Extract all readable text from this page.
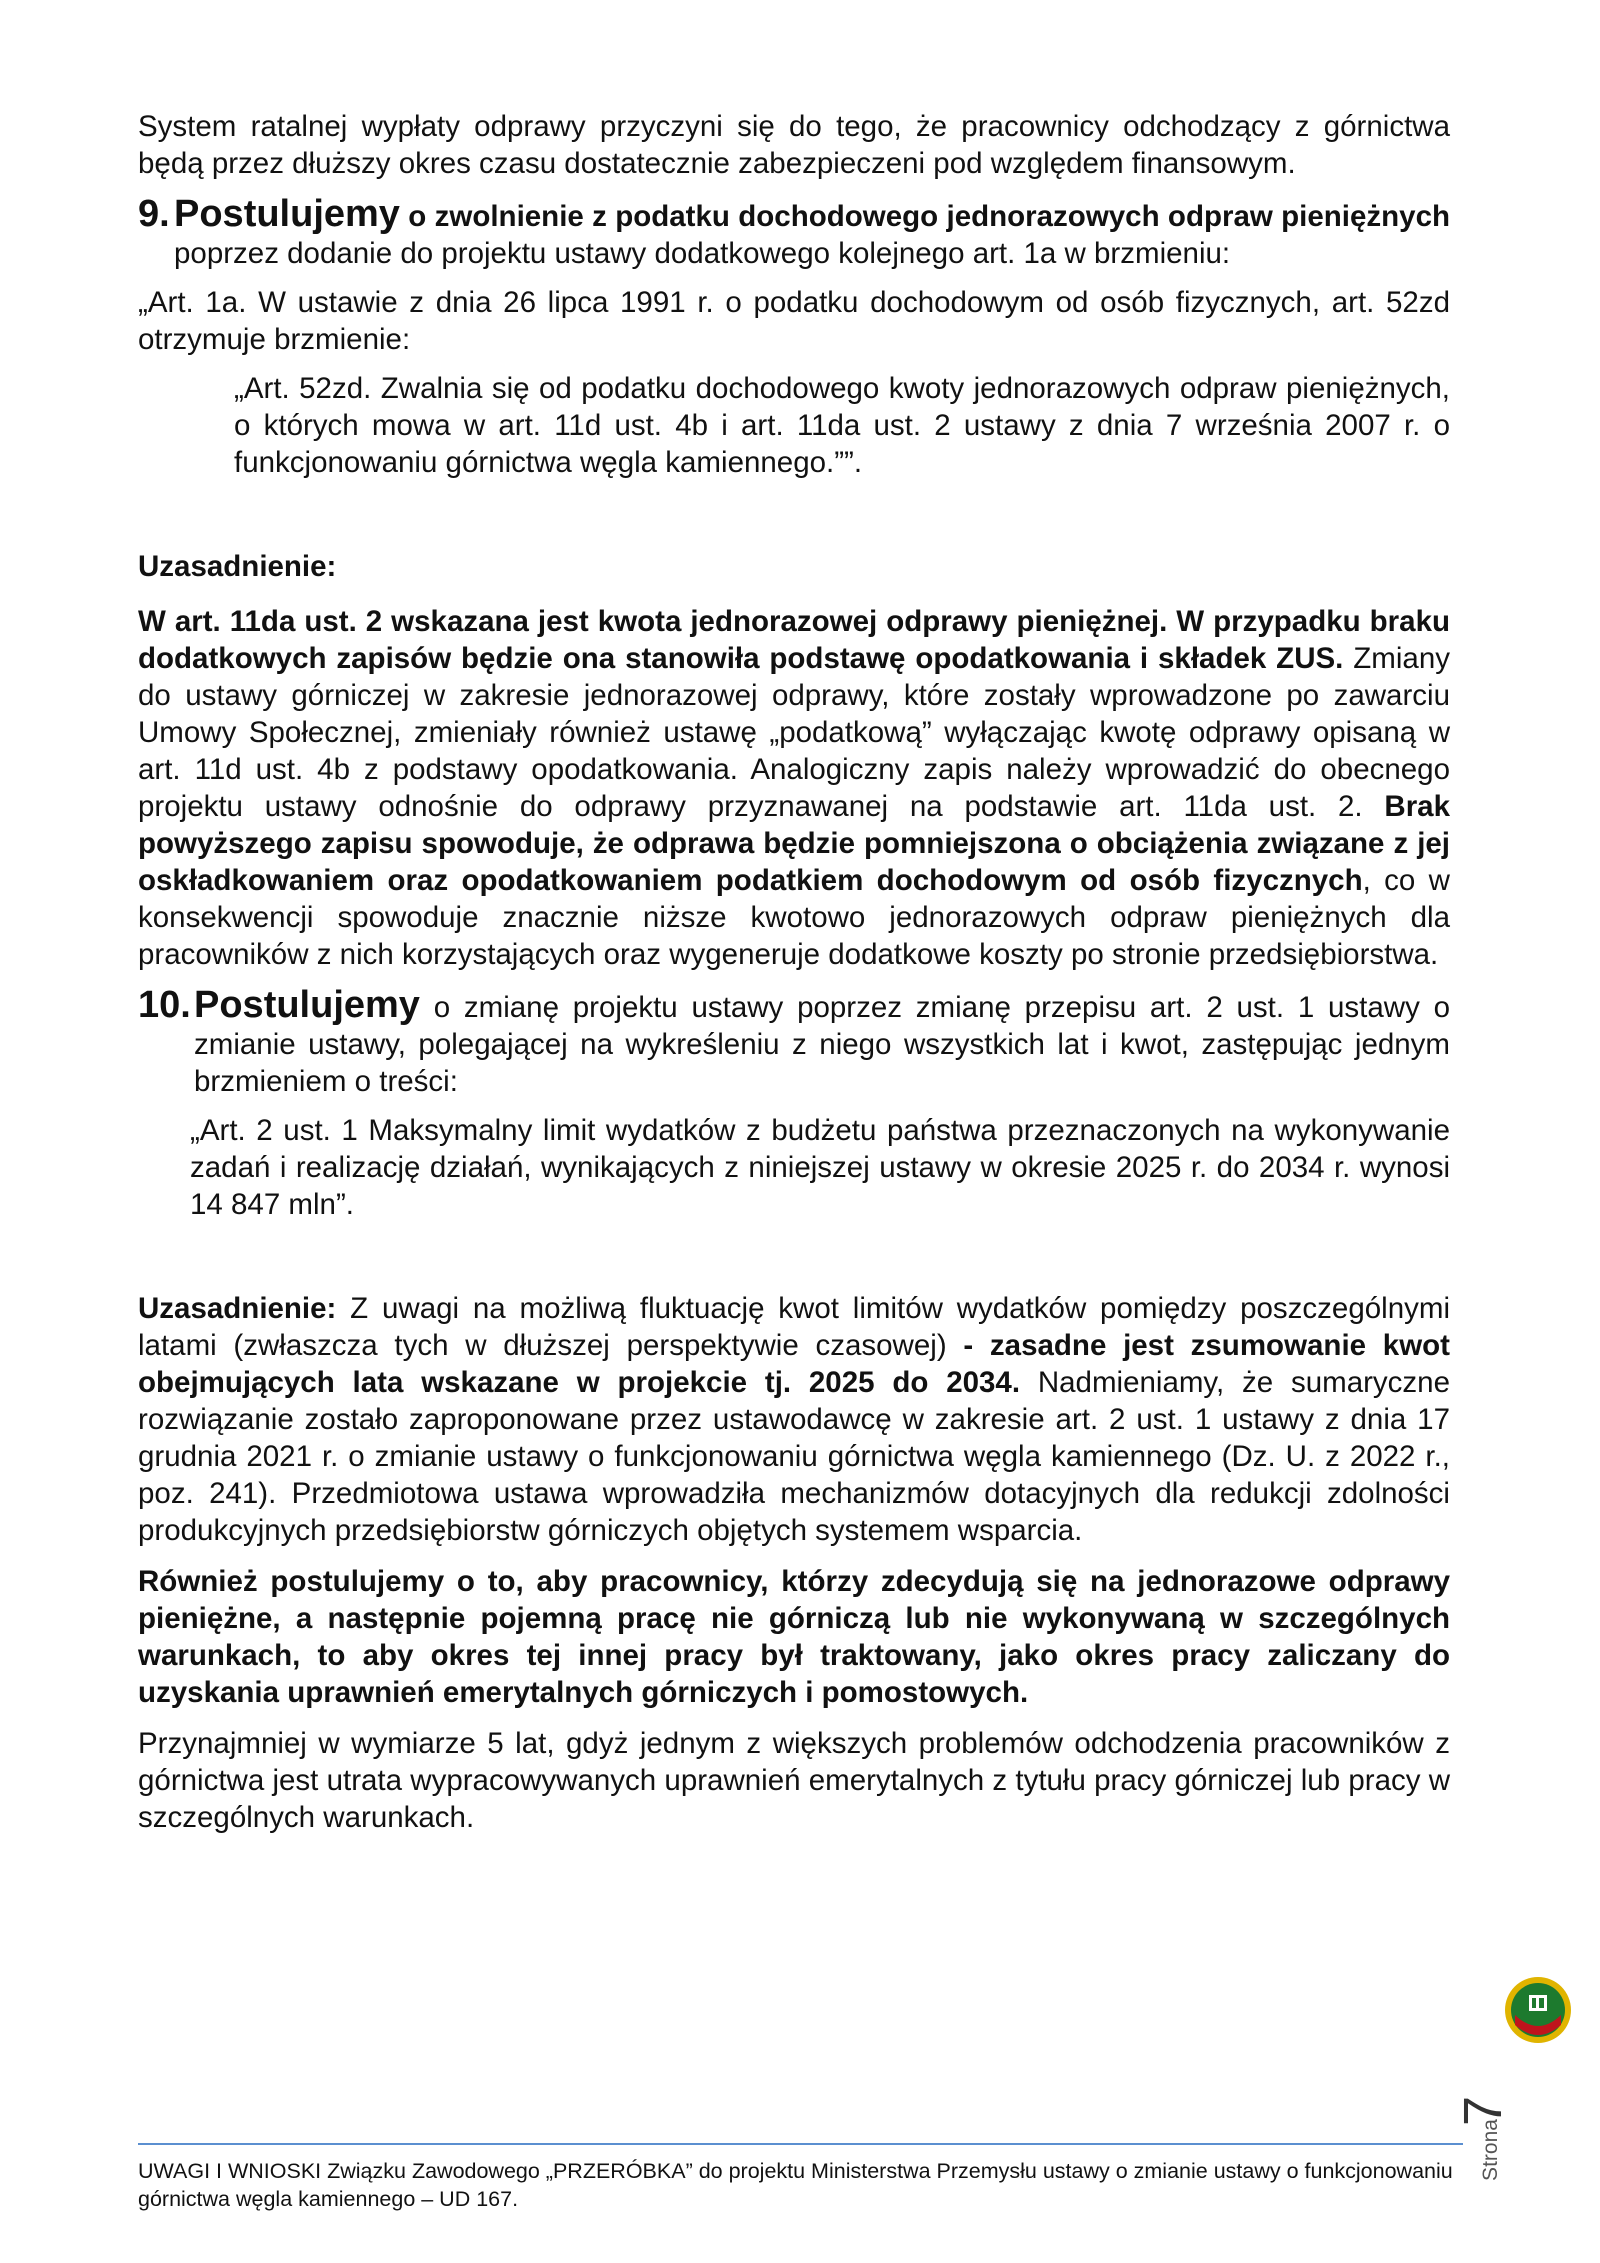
System ratalnej wypłaty odprawy przyczyni się do tego, że pracownicy odchodzący z górnictwa będą przez dłuższy okres czasu dostatecznie zabezpieczeni pod względem finansowym.

9. Postulujemy o zwolnienie z podatku dochodowego jednorazowych odpraw pieniężnych poprzez dodanie do projektu ustawy dodatkowego kolejnego art. 1a w brzmieniu:

„Art. 1a. W ustawie z dnia 26 lipca 1991 r. o podatku dochodowym od osób fizycznych, art. 52zd otrzymuje brzmienie:

„Art. 52zd. Zwalnia się od podatku dochodowego kwoty jednorazowych odpraw pieniężnych, o których mowa w art. 11d ust. 4b i art. 11da ust. 2 ustawy z dnia 7 września 2007 r. o funkcjonowaniu górnictwa węgla kamiennego.””.

Uzasadnienie:

W art. 11da ust. 2 wskazana jest kwota jednorazowej odprawy pieniężnej. W przypadku braku dodatkowych zapisów będzie ona stanowiła podstawę opodatkowania i składek ZUS. Zmiany do ustawy górniczej w zakresie jednorazowej odprawy, które zostały wprowadzone po zawarciu Umowy Społecznej, zmieniały również ustawę „podatkową” wyłączając kwotę odprawy opisaną w art. 11d ust. 4b z podstawy opodatkowania. Analogiczny zapis należy wprowadzić do obecnego projektu ustawy odnośnie do odprawy przyznawanej na podstawie art. 11da ust. 2. Brak powyższego zapisu spowoduje, że odprawa będzie pomniejszona o obciążenia związane z jej oskładkowaniem oraz opodatkowaniem podatkiem dochodowym od osób fizycznych, co w konsekwencji spowoduje znacznie niższe kwotowo jednorazowych odpraw pieniężnych dla pracowników z nich korzystających oraz wygeneruje dodatkowe koszty po stronie przedsiębiorstwa.

10. Postulujemy o zmianę projektu ustawy poprzez zmianę przepisu art. 2 ust. 1 ustawy o zmianie ustawy, polegającej na wykreśleniu z niego wszystkich lat i kwot, zastępując jednym brzmieniem o treści:

„Art. 2 ust. 1 Maksymalny limit wydatków z budżetu państwa przeznaczonych na wykonywanie zadań i realizację działań, wynikających z niniejszej ustawy w okresie 2025 r. do 2034 r. wynosi 14 847 mln”.

Uzasadnienie: Z uwagi na możliwą fluktuację kwot limitów wydatków pomiędzy poszczególnymi latami (zwłaszcza tych w dłuższej perspektywie czasowej) - zasadne jest zsumowanie kwot obejmujących lata wskazane w projekcie tj. 2025 do 2034. Nadmieniamy, że sumaryczne rozwiązanie zostało zaproponowane przez ustawodawcę w zakresie art. 2 ust. 1 ustawy z dnia 17 grudnia 2021 r. o zmianie ustawy o funkcjonowaniu górnictwa węgla kamiennego (Dz. U. z 2022 r., poz. 241). Przedmiotowa ustawa wprowadziła mechanizmów dotacyjnych dla redukcji zdolności produkcyjnych przedsiębiorstw górniczych objętych systemem wsparcia.

Również postulujemy o to, aby pracownicy, którzy zdecydują się na jednorazowe odprawy pieniężne, a następnie pojemną pracę nie górniczą lub nie wykonywaną w szczególnych warunkach, to aby okres tej innej pracy był traktowany, jako okres pracy zaliczany do uzyskania uprawnień emerytalnych górniczych i pomostowych.

Przynajmniej w wymiarze 5 lat, gdyż jednym z większych problemów odchodzenia pracowników z górnictwa jest utrata wypracowywanych uprawnień emerytalnych z tytułu pracy górniczej lub pracy w szczególnych warunkach.

7
Strona
UWAGI I WNIOSKI Związku Zawodowego „PRZERÓBKA” do projektu Ministerstwa Przemysłu ustawy o zmianie ustawy o funkcjonowaniu górnictwa węgla kamiennego – UD 167.
